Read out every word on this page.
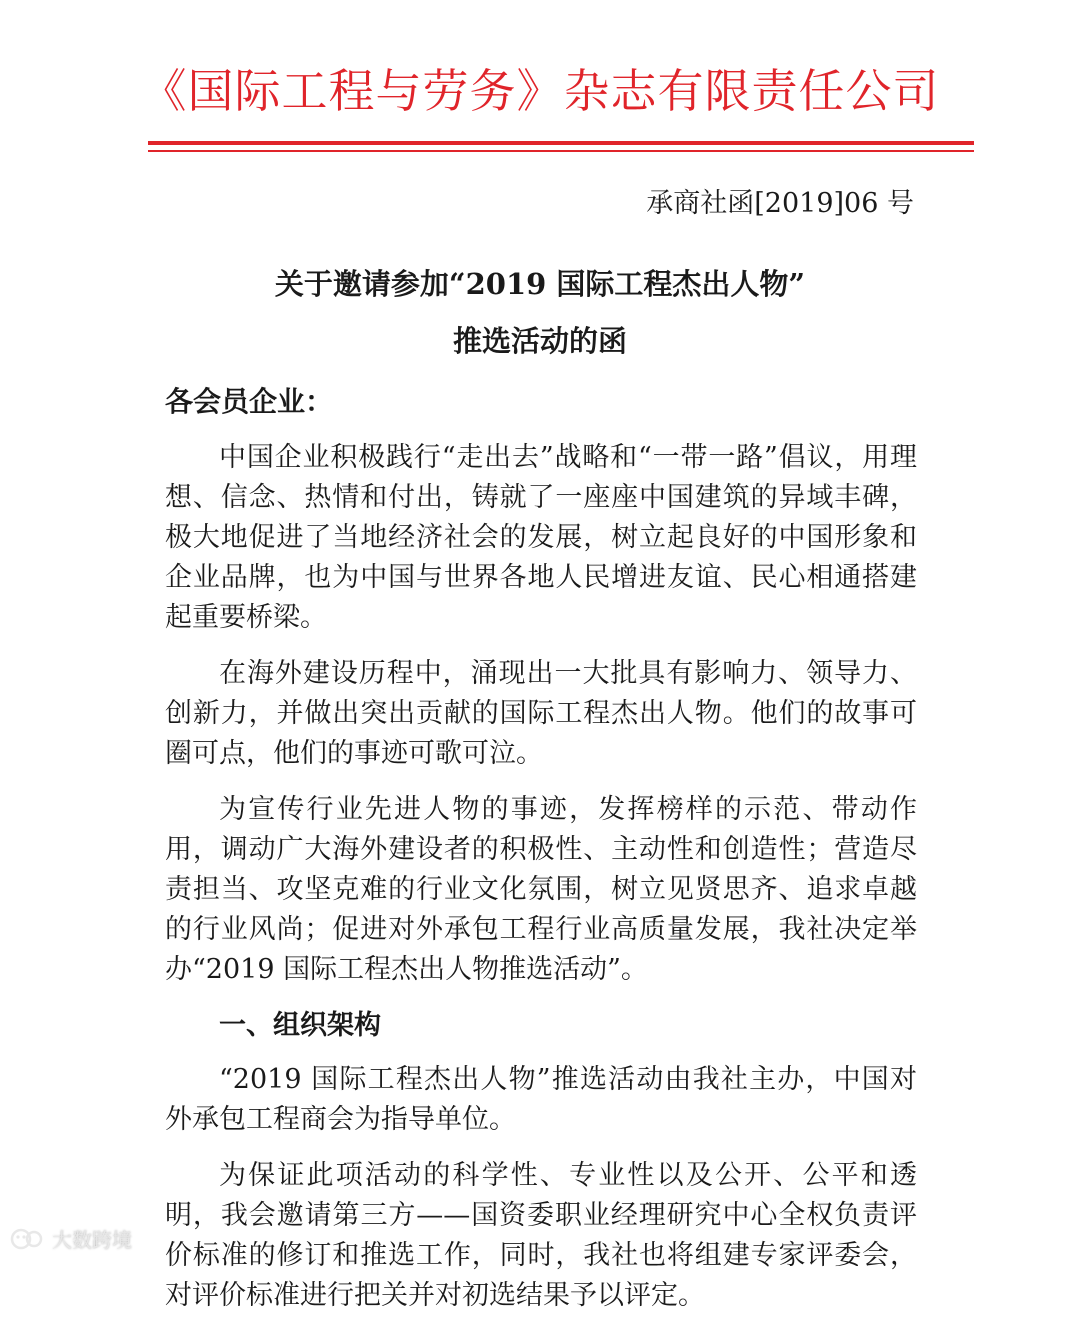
《国际工程与劳务》杂志有限责任公司
承商社函[2019]06 号
关于邀请参加“2019 国际工程杰出人物”
推选活动的函
各会员企业：

中国企业积极践行“走出去”战略和“一带一路”倡议，用理想、信念、热情和付出，铸就了一座座中国建筑的异域丰碑，极大地促进了当地经济社会的发展，树立起良好的中国形象和企业品牌，也为中国与世界各地人民增进友谊、民心相通搭建起重要桥梁。

在海外建设历程中，涌现出一大批具有影响力、领导力、创新力，并做出突出贡献的国际工程杰出人物。他们的故事可圈可点，他们的事迹可歌可泣。

为宣传行业先进人物的事迹，发挥榜样的示范、带动作用，调动广大海外建设者的积极性、主动性和创造性；营造尽责担当、攻坚克难的行业文化氛围，树立见贤思齐、追求卓越的行业风尚；促进对外承包工程行业高质量发展，我社决定举办“2019 国际工程杰出人物推选活动”。

一、组织架构

“2019 国际工程杰出人物”推选活动由我社主办，中国对外承包工程商会为指导单位。

为保证此项活动的科学性、专业性以及公开、公平和透明，我会邀请第三方——国资委职业经理研究中心全权负责评价标准的修订和推选工作，同时，我社也将组建专家评委会，对评价标准进行把关并对初选结果予以评定。

大数跨境
